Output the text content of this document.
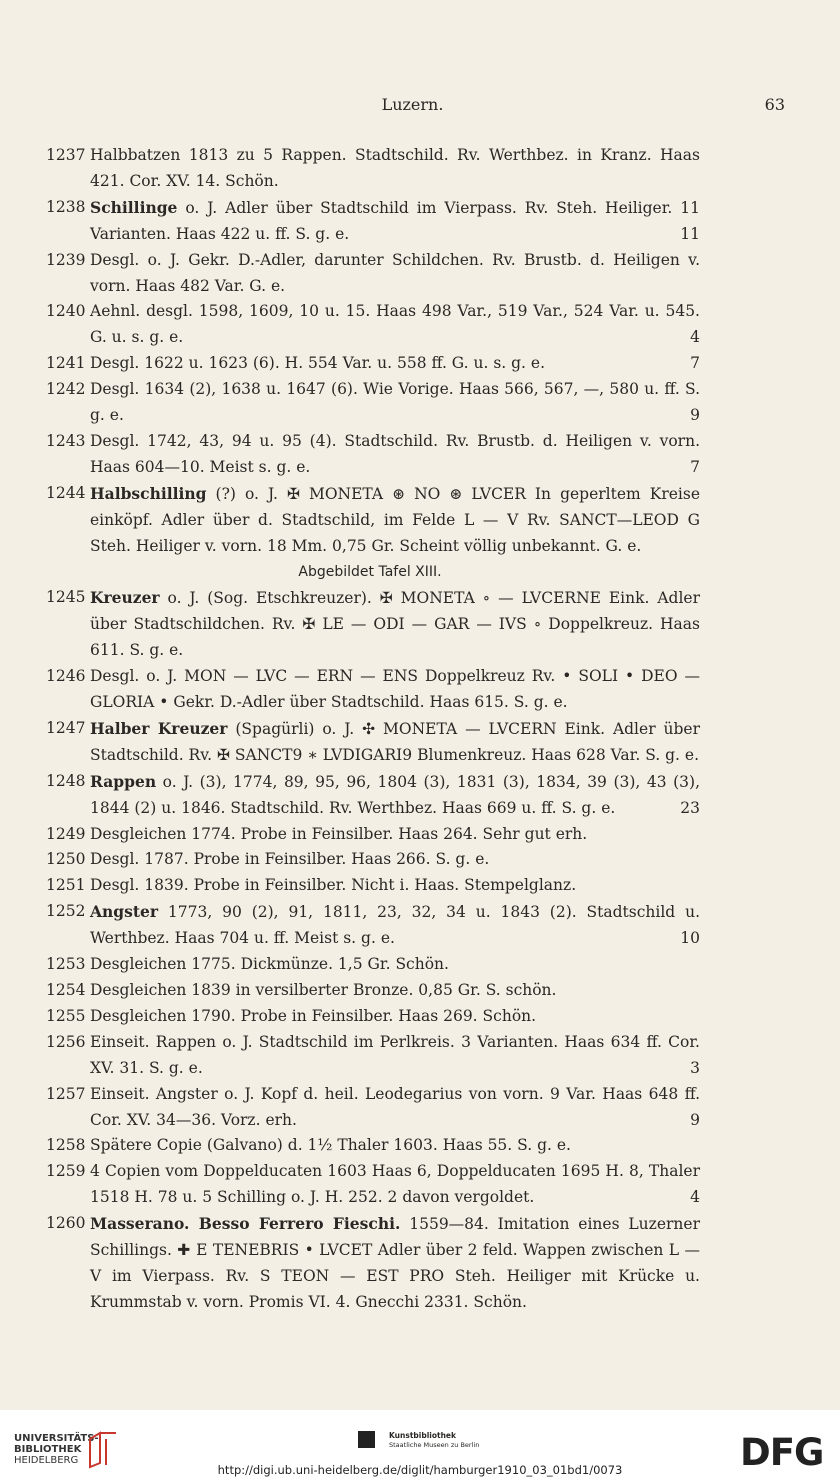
Luzern.	63
1237 Halbbatzen 1813 zu 5 Rappen. Stadtschild. Rv. Werthbez. in Kranz. Haas 421. Cor. XV. 14. Schön.
1238 Schillinge o. J. Adler über Stadtschild im Vierpass. Rv. Steh. Heiliger. 11 Varianten. Haas 422 u. ff. S. g. e.	11
1239 Desgl. o. J. Gekr. D.-Adler, darunter Schildchen. Rv. Brustb. d. Heiligen v. vorn. Haas 482 Var. G. e.
1240 Aehnl. desgl. 1598, 1609, 10 u. 15. Haas 498 Var., 519 Var., 524 Var. u. 545. G. u. s. g. e.	4
1241 Desgl. 1622 u. 1623 (6). H. 554 Var. u. 558 ff. G. u. s. g. e.	7
1242 Desgl. 1634 (2), 1638 u. 1647 (6). Wie Vorige. Haas 566, 567, —, 580 u. ff. S. g. e.	9
1243 Desgl. 1742, 43, 94 u. 95 (4). Stadtschild. Rv. Brustb. d. Heiligen v. vorn. Haas 604—10. Meist s. g. e.	7
1244 Halbschilling (?) o. J. ✠ MONETA ⊛ NO ⊛ LVCER In geperltem Kreise einköpf. Adler über d. Stadtschild, im Felde L — V Rv. SANCT—LEOD G Steh. Heiliger v. vorn. 18 Mm. 0,75 Gr. Scheint völlig unbekannt. G. e.
Abgebildet Tafel XIII.
1245 Kreuzer o. J. (Sog. Etschkreuzer). ✠ MONETA ∘ — LVCERNE Eink. Adler über Stadtschildchen. Rv. ✠ LE — ODI — GAR — IVS ∘ Doppelkreuz. Haas 611. S. g. e.
1246 Desgl. o. J. MON — LVC — ERN — ENS Doppelkreuz Rv. • SOLI • DEO — GLORIA • Gekr. D.-Adler über Stadtschild. Haas 615. S. g. e.
1247 Halber Kreuzer (Spagürli) o. J. ✣ MONETA — LVCERN Eink. Adler über Stadtschild. Rv. ✠ SANCT9 ∗ LVDIGARI9 Blumenkreuz. Haas 628 Var. S. g. e.
1248 Rappen o. J. (3), 1774, 89, 95, 96, 1804 (3), 1831 (3), 1834, 39 (3), 43 (3), 1844 (2) u. 1846. Stadtschild. Rv. Werthbez. Haas 669 u. ff. S. g. e.	23
1249 Desgleichen 1774. Probe in Feinsilber. Haas 264. Sehr gut erh.
1250 Desgl. 1787. Probe in Feinsilber. Haas 266. S. g. e.
1251 Desgl. 1839. Probe in Feinsilber. Nicht i. Haas. Stempelglanz.
1252 Angster 1773, 90 (2), 91, 1811, 23, 32, 34 u. 1843 (2). Stadtschild u. Werthbez. Haas 704 u. ff. Meist s. g. e.	10
1253 Desgleichen 1775. Dickmünze. 1,5 Gr. Schön.
1254 Desgleichen 1839 in versilberter Bronze. 0,85 Gr. S. schön.
1255 Desgleichen 1790. Probe in Feinsilber. Haas 269. Schön.
1256 Einseit. Rappen o. J. Stadtschild im Perlkreis. 3 Varianten. Haas 634 ff. Cor. XV. 31. S. g. e.	3
1257 Einseit. Angster o. J. Kopf d. heil. Leodegarius von vorn. 9 Var. Haas 648 ff. Cor. XV. 34—36. Vorz. erh.	9
1258 Spätere Copie (Galvano) d. 1½ Thaler 1603. Haas 55. S. g. e.
1259 4 Copien vom Doppelducaten 1603 Haas 6, Doppelducaten 1695 H. 8, Thaler 1518 H. 78 u. 5 Schilling o. J. H. 252. 2 davon vergoldet.	4
1260 Masserano. Besso Ferrero Fieschi. 1559—84. Imitation eines Luzerner Schillings. ✚ E TENEBRIS • LVCET Adler über 2 feld. Wappen zwischen L — V im Vierpass. Rv. S TEON — EST PRO Steh. Heiliger mit Krücke u. Krummstab v. vorn. Promis VI. 4. Gnecchi 2331. Schön.
UNIVERSITÄTS-
BIBLIOTHEK
HEIDELBERG
Kunstbibliothek
Staatliche Museen zu Berlin	DFG
http://digi.ub.uni-heidelberg.de/diglit/hamburger1910_03_01bd1/0073
